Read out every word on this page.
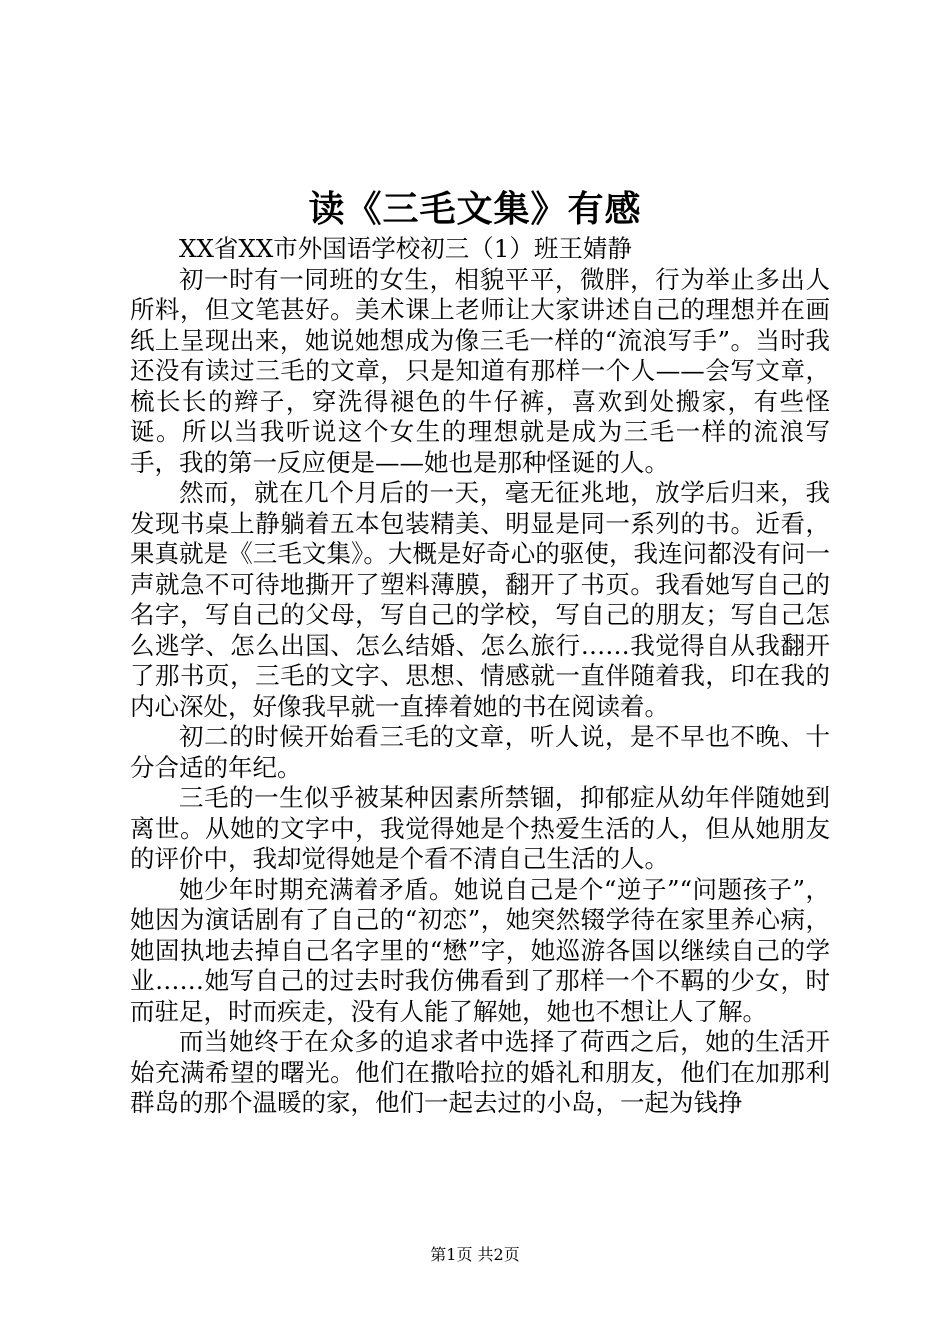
读《三毛文集》有感

XX省XX市外国语学校初三（1）班王婧静

初一时有一同班的女生，相貌平平，微胖，行为举止多出人所料，但文笔甚好。美术课上老师让大家讲述自己的理想并在画纸上呈现出来，她说她想成为像三毛一样的“流浪写手”。当时我还没有读过三毛的文章，只是知道有那样一个人——会写文章，梳长长的辫子，穿洗得褪色的牛仔裤，喜欢到处搬家，有些怪诞。所以当我听说这个女生的理想就是成为三毛一样的流浪写手，我的第一反应便是——她也是那种怪诞的人。

然而，就在几个月后的一天，毫无征兆地，放学后归来，我发现书桌上静躺着五本包装精美、明显是同一系列的书。近看，果真就是《三毛文集》。大概是好奇心的驱使，我连问都没有问一声就急不可待地撕开了塑料薄膜，翻开了书页。我看她写自己的名字，写自己的父母，写自己的学校，写自己的朋友；写自己怎么逃学、怎么出国、怎么结婚、怎么旅行……我觉得自从我翻开了那书页，三毛的文字、思想、情感就一直伴随着我，印在我的内心深处，好像我早就一直捧着她的书在阅读着。

初二的时候开始看三毛的文章，听人说，是不早也不晚、十分合适的年纪。

三毛的一生似乎被某种因素所禁锢，抑郁症从幼年伴随她到离世。从她的文字中，我觉得她是个热爱生活的人，但从她朋友的评价中，我却觉得她是个看不清自己生活的人。

她少年时期充满着矛盾。她说自己是个“逆子”“问题孩子”，她因为演话剧有了自己的“初恋”，她突然辍学待在家里养心病，她固执地去掉自己名字里的“懋”字，她巡游各国以继续自己的学业……她写自己的过去时我仿佛看到了那样一个不羁的少女，时而驻足，时而疾走，没有人能了解她，她也不想让人了解。

而当她终于在众多的追求者中选择了荷西之后，她的生活开始充满希望的曙光。他们在撒哈拉的婚礼和朋友，他们在加那利群岛的那个温暖的家，他们一起去过的小岛，一起为钱挣

第1页 共2页
